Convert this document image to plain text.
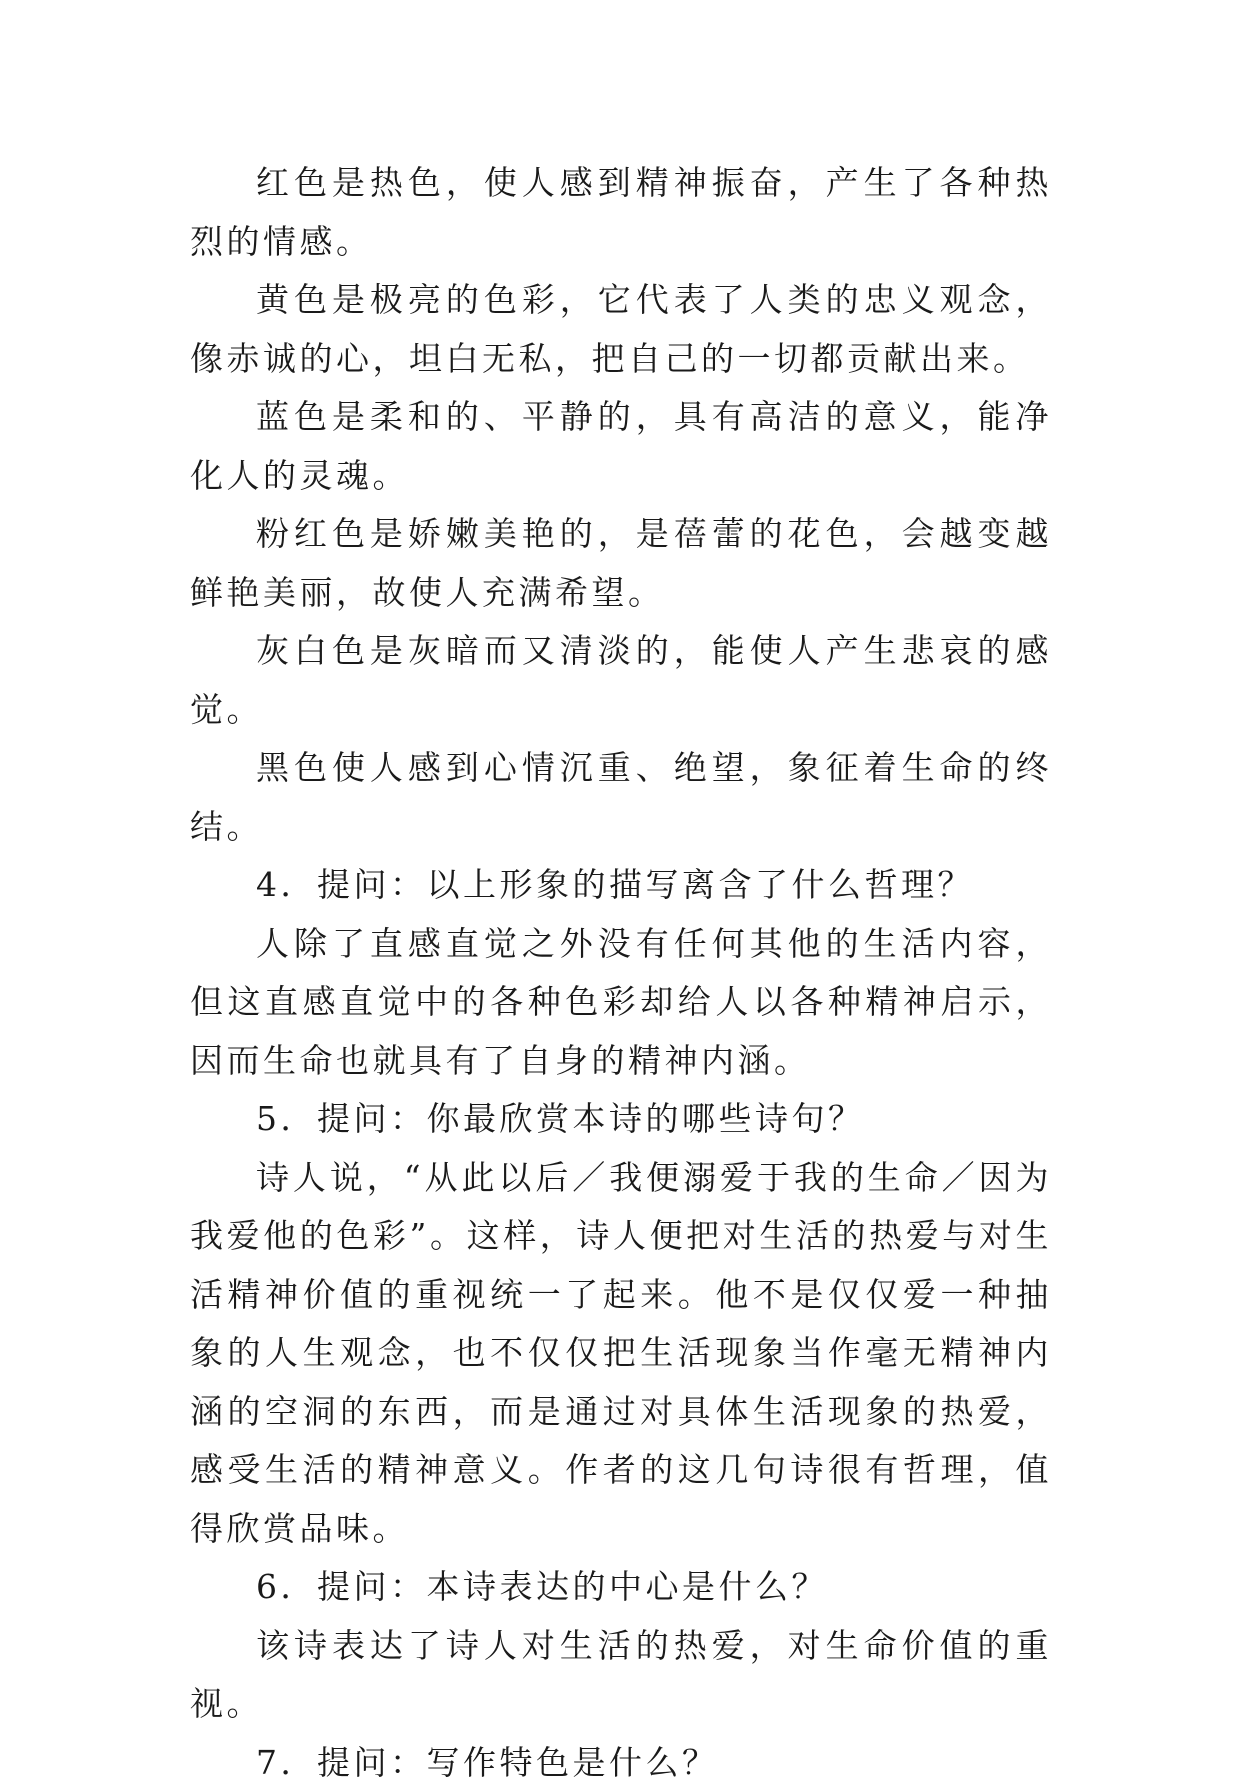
红色是热色，使人感到精神振奋，产生了各种热烈的情感。

黄色是极亮的色彩，它代表了人类的忠义观念，像赤诚的心，坦白无私，把自己的一切都贡献出来。

蓝色是柔和的、平静的，具有高洁的意义，能净化人的灵魂。

粉红色是娇嫩美艳的，是蓓蕾的花色，会越变越鲜艳美丽，故使人充满希望。

灰白色是灰暗而又清淡的，能使人产生悲哀的感觉。

黑色使人感到心情沉重、绝望，象征着生命的终结。

4．提问：以上形象的描写离含了什么哲理？

人除了直感直觉之外没有任何其他的生活内容，但这直感直觉中的各种色彩却给人以各种精神启示，因而生命也就具有了自身的精神内涵。

5．提问：你最欣赏本诗的哪些诗句？

诗人说，“从此以后／我便溺爱于我的生命／因为我爱他的色彩”。这样，诗人便把对生活的热爱与对生活精神价值的重视统一了起来。他不是仅仅爱一种抽象的人生观念，也不仅仅把生活现象当作毫无精神内涵的空洞的东西，而是通过对具体生活现象的热爱，感受生活的精神意义。作者的这几句诗很有哲理，值得欣赏品味。

6．提问：本诗表达的中心是什么？

该诗表达了诗人对生活的热爱，对生命价值的重视。

7．提问：写作特色是什么？
